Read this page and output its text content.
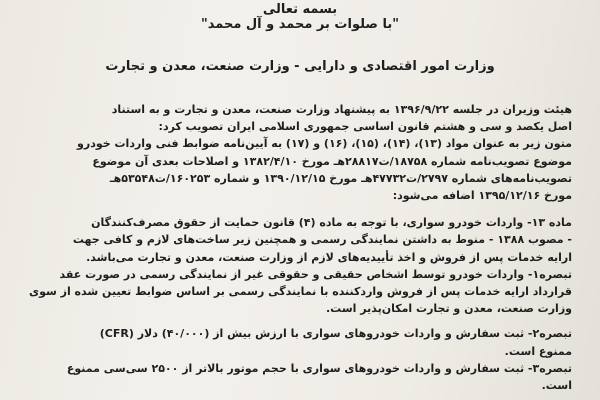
بسمه تعالی
"با صلوات بر محمد و آل محمد"
وزارت امور اقتصادی و دارایی - وزارت صنعت، معدن و تجارت
هیئت وزیران در جلسه ۱۳۹۶/۹/۲۲ به پیشنهاد وزارت صنعت، معدن و تجارت و به استناد
اصل یکصد و سی و هشتم قانون اساسی جمهوری اسلامی ایران تصویب کرد:
متون زیر به عنوان مواد (۱۳)، (۱۴)، (۱۵)، (۱۶) و (۱۷) به آیین‌نامه ضوابط فنی واردات خودرو
موضوع تصویب‌نامه شماره ۱۸۷۵۸/ت۲۸۸۱۷هـ مورخ ۱۳۸۲/۴/۱۰ و اصلاحات بعدی آن موضوع
تصویب‌نامه‌های شماره ۲۷۹۷/ت۴۷۷۳۲هـ مورخ ۱۳۹۰/۱۲/۱۵ و شماره ۱۶۰۲۵۳/ت۵۳۵۴۸هـ
مورخ ۱۳۹۵/۱۲/۱۶ اضافه می‌شود:
ماده ۱۳- واردات خودرو سواری، با توجه به ماده (۴) قانون حمایت از حقوق مصرف‌کنندگان
- مصوب ۱۳۸۸ - منوط به داشتن نمایندگی رسمی و همچنین زیر ساخت‌های لازم و کافی جهت
ارایه خدمات پس از فروش و اخذ تأییدیه‌های لازم از وزارت صنعت، معدن و تجارت می‌باشد.
تبصره۱- واردات خودرو توسط اشخاص حقیقی و حقوقی غیر از نمایندگی رسمی در صورت عقد
قرارداد ارایه خدمات پس از فروش واردکننده با نمایندگی رسمی بر اساس ضوابط تعیین شده از سوی
وزارت صنعت، معدن و تجارت امکان‌پذیر است.
تبصره۲- ثبت سفارش و واردات خودروهای سواری با ارزش بیش از (۴۰/۰۰۰) دلار (CFR)
ممنوع است.
تبصره۳- ثبت سفارش و واردات خودروهای سواری با حجم موتور بالاتر از ۲۵۰۰ سی‌سی ممنوع
است.
